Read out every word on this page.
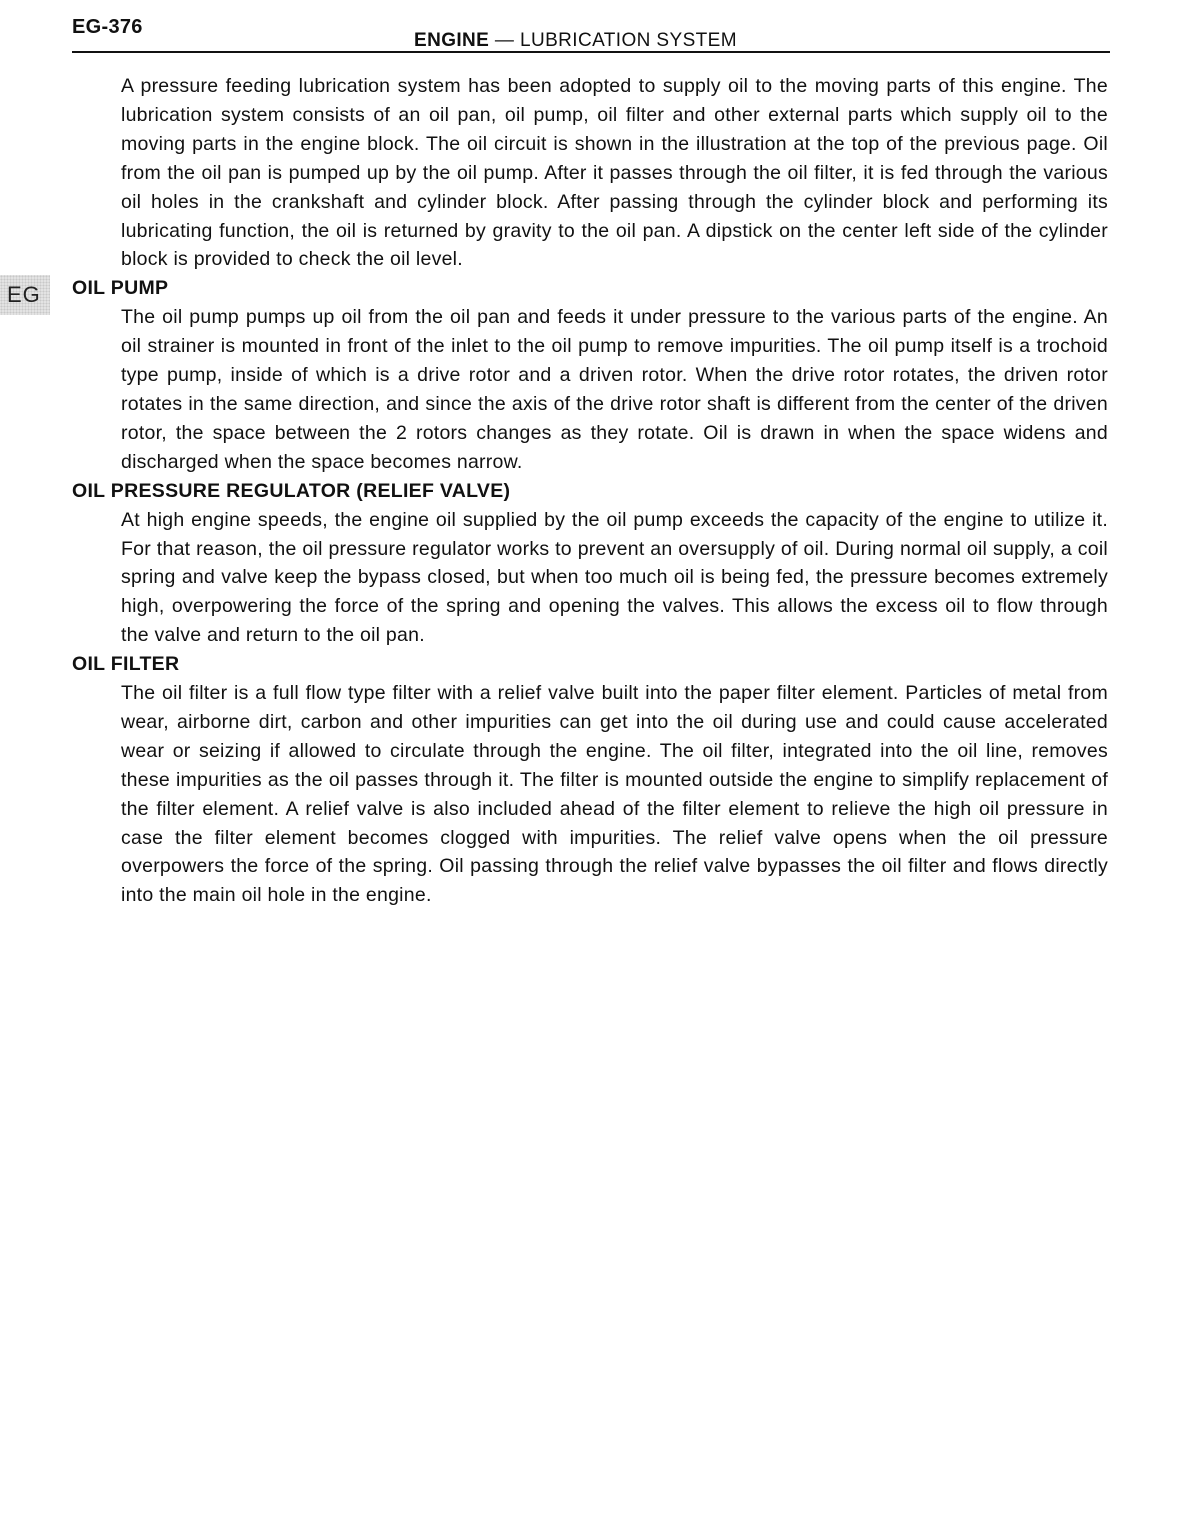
EG-376
ENGINE — LUBRICATION SYSTEM
EG

A pressure feeding lubrication system has been adopted to supply oil to the moving parts of this engine. The lubrication system consists of an oil pan, oil pump, oil filter and other external parts which supply oil to the moving parts in the engine block. The oil circuit is shown in the illustration at the top of the previous page. Oil from the oil pan is pumped up by the oil pump. After it passes through the oil filter, it is fed through the various oil holes in the crankshaft and cylinder block. After passing through the cylinder block and performing its lubricating function, the oil is returned by gravity to the oil pan. A dipstick on the center left side of the cylinder block is provided to check the oil level.

OIL PUMP

The oil pump pumps up oil from the oil pan and feeds it under pressure to the various parts of the engine. An oil strainer is mounted in front of the inlet to the oil pump to remove impurities. The oil pump itself is a trochoid type pump, inside of which is a drive rotor and a driven rotor. When the drive rotor rotates, the driven rotor rotates in the same direction, and since the axis of the drive rotor shaft is different from the center of the driven rotor, the space between the 2 rotors changes as they rotate. Oil is drawn in when the space widens and discharged when the space becomes narrow.

OIL PRESSURE REGULATOR (RELIEF VALVE)

At high engine speeds, the engine oil supplied by the oil pump exceeds the capacity of the engine to utilize it. For that reason, the oil pressure regulator works to prevent an oversupply of oil. During normal oil supply, a coil spring and valve keep the bypass closed, but when too much oil is being fed, the pressure becomes extremely high, overpowering the force of the spring and opening the valves. This allows the excess oil to flow through the valve and return to the oil pan.

OIL FILTER

The oil filter is a full flow type filter with a relief valve built into the paper filter element. Particles of metal from wear, airborne dirt, carbon and other impurities can get into the oil during use and could cause accelerated wear or seizing if allowed to circulate through the engine. The oil filter, integrated into the oil line, removes these impurities as the oil passes through it. The filter is mounted outside the engine to simplify replacement of the filter element. A relief valve is also included ahead of the filter element to relieve the high oil pressure in case the filter element becomes clogged with impurities. The relief valve opens when the oil pressure overpowers the force of the spring. Oil passing through the relief valve bypasses the oil filter and flows directly into the main oil hole in the engine.
